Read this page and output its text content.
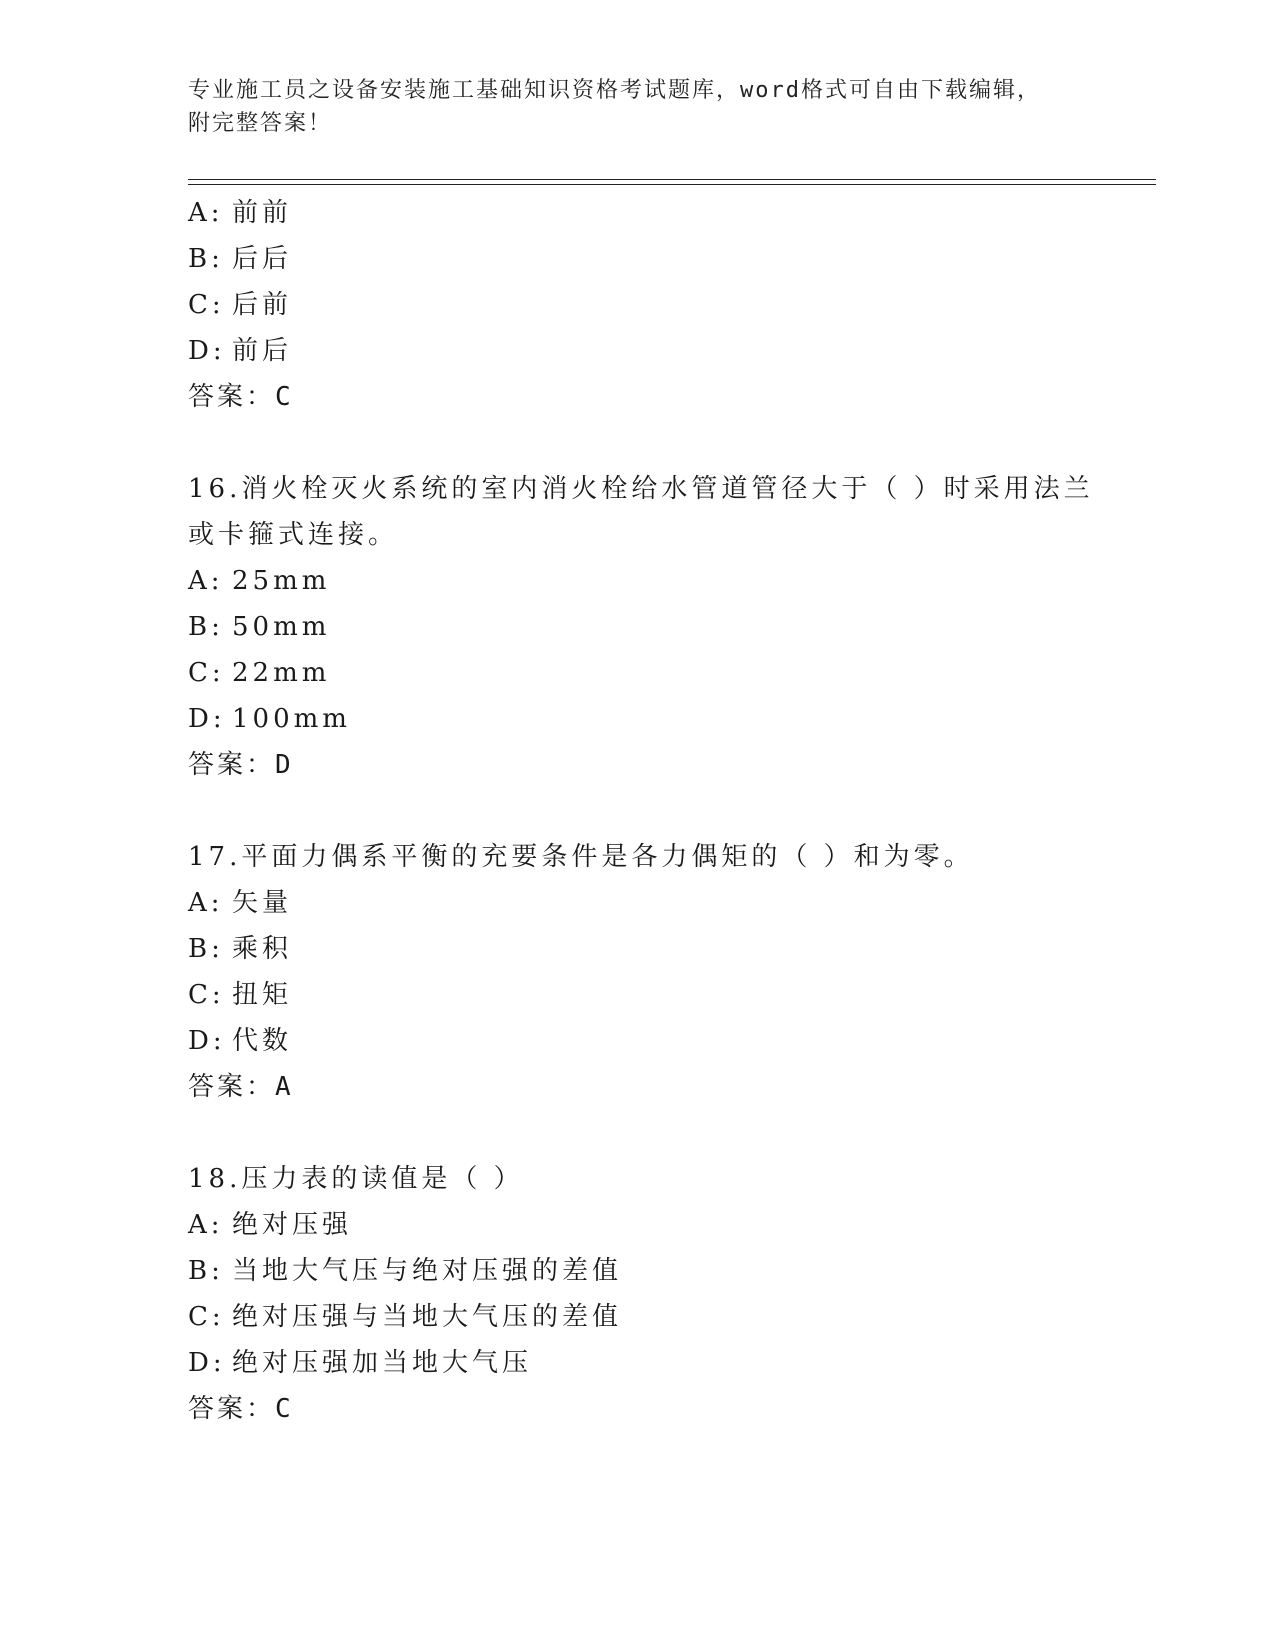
专业施工员之设备安装施工基础知识资格考试题库，word格式可自由下载编辑，
附完整答案！
A: 前前
B: 后后
C: 后前
D: 前后
答案：C
16.消火栓灭火系统的室内消火栓给水管道管径大于（ ）时采用法兰
或卡箍式连接。
A: 25mm
B: 50mm
C: 22mm
D: 100mm
答案：D
17.平面力偶系平衡的充要条件是各力偶矩的（ ）和为零。
A: 矢量
B: 乘积
C: 扭矩
D: 代数
答案：A
18.压力表的读值是（ ）
A: 绝对压强
B: 当地大气压与绝对压强的差值
C: 绝对压强与当地大气压的差值
D: 绝对压强加当地大气压
答案：C
